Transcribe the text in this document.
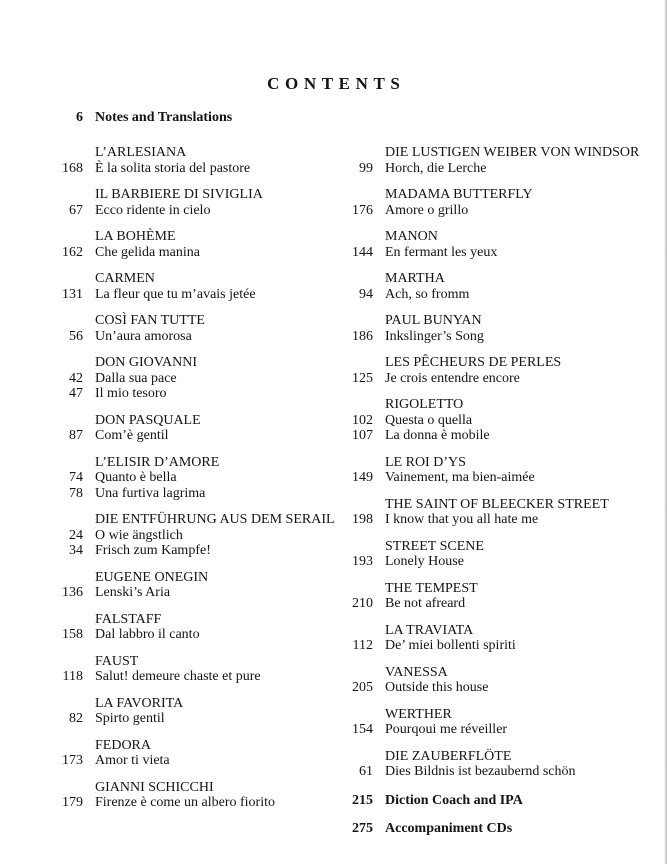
CONTENTS
6 Notes and Translations
L’ARLESIANA
168 È la solita storia del pastore
IL BARBIERE DI SIVIGLIA
67 Ecco ridente in cielo
LA BOHÈME
162 Che gelida manina
CARMEN
131 La fleur que tu m’avais jetée
COSÌ FAN TUTTE
56 Un’aura amorosa
DON GIOVANNI
42 Dalla sua pace
47 Il mio tesoro
DON PASQUALE
87 Com’è gentil
L’ELISIR D’AMORE
74 Quanto è bella
78 Una furtiva lagrima
DIE ENTFÜHRUNG AUS DEM SERAIL
24 O wie ängstlich
34 Frisch zum Kampfe!
EUGENE ONEGIN
136 Lenski’s Aria
FALSTAFF
158 Dal labbro il canto
FAUST
118 Salut! demeure chaste et pure
LA FAVORITA
82 Spirto gentil
FEDORA
173 Amor ti vieta
GIANNI SCHICCHI
179 Firenze è come un albero fiorito
DIE LUSTIGEN WEIBER VON WINDSOR
99 Horch, die Lerche
MADAMA BUTTERFLY
176 Amore o grillo
MANON
144 En fermant les yeux
MARTHA
94 Ach, so fromm
PAUL BUNYAN
186 Inkslinger’s Song
LES PÊCHEURS DE PERLES
125 Je crois entendre encore
RIGOLETTO
102 Questa o quella
107 La donna è mobile
LE ROI D’YS
149 Vainement, ma bien-aimée
THE SAINT OF BLEECKER STREET
198 I know that you all hate me
STREET SCENE
193 Lonely House
THE TEMPEST
210 Be not afreard
LA TRAVIATA
112 De’ miei bollenti spiriti
VANESSA
205 Outside this house
WERTHER
154 Pourqoui me réveiller
DIE ZAUBERFLÖTE
61 Dies Bildnis ist bezaubernd schön
215 Diction Coach and IPA
275 Accompaniment CDs
